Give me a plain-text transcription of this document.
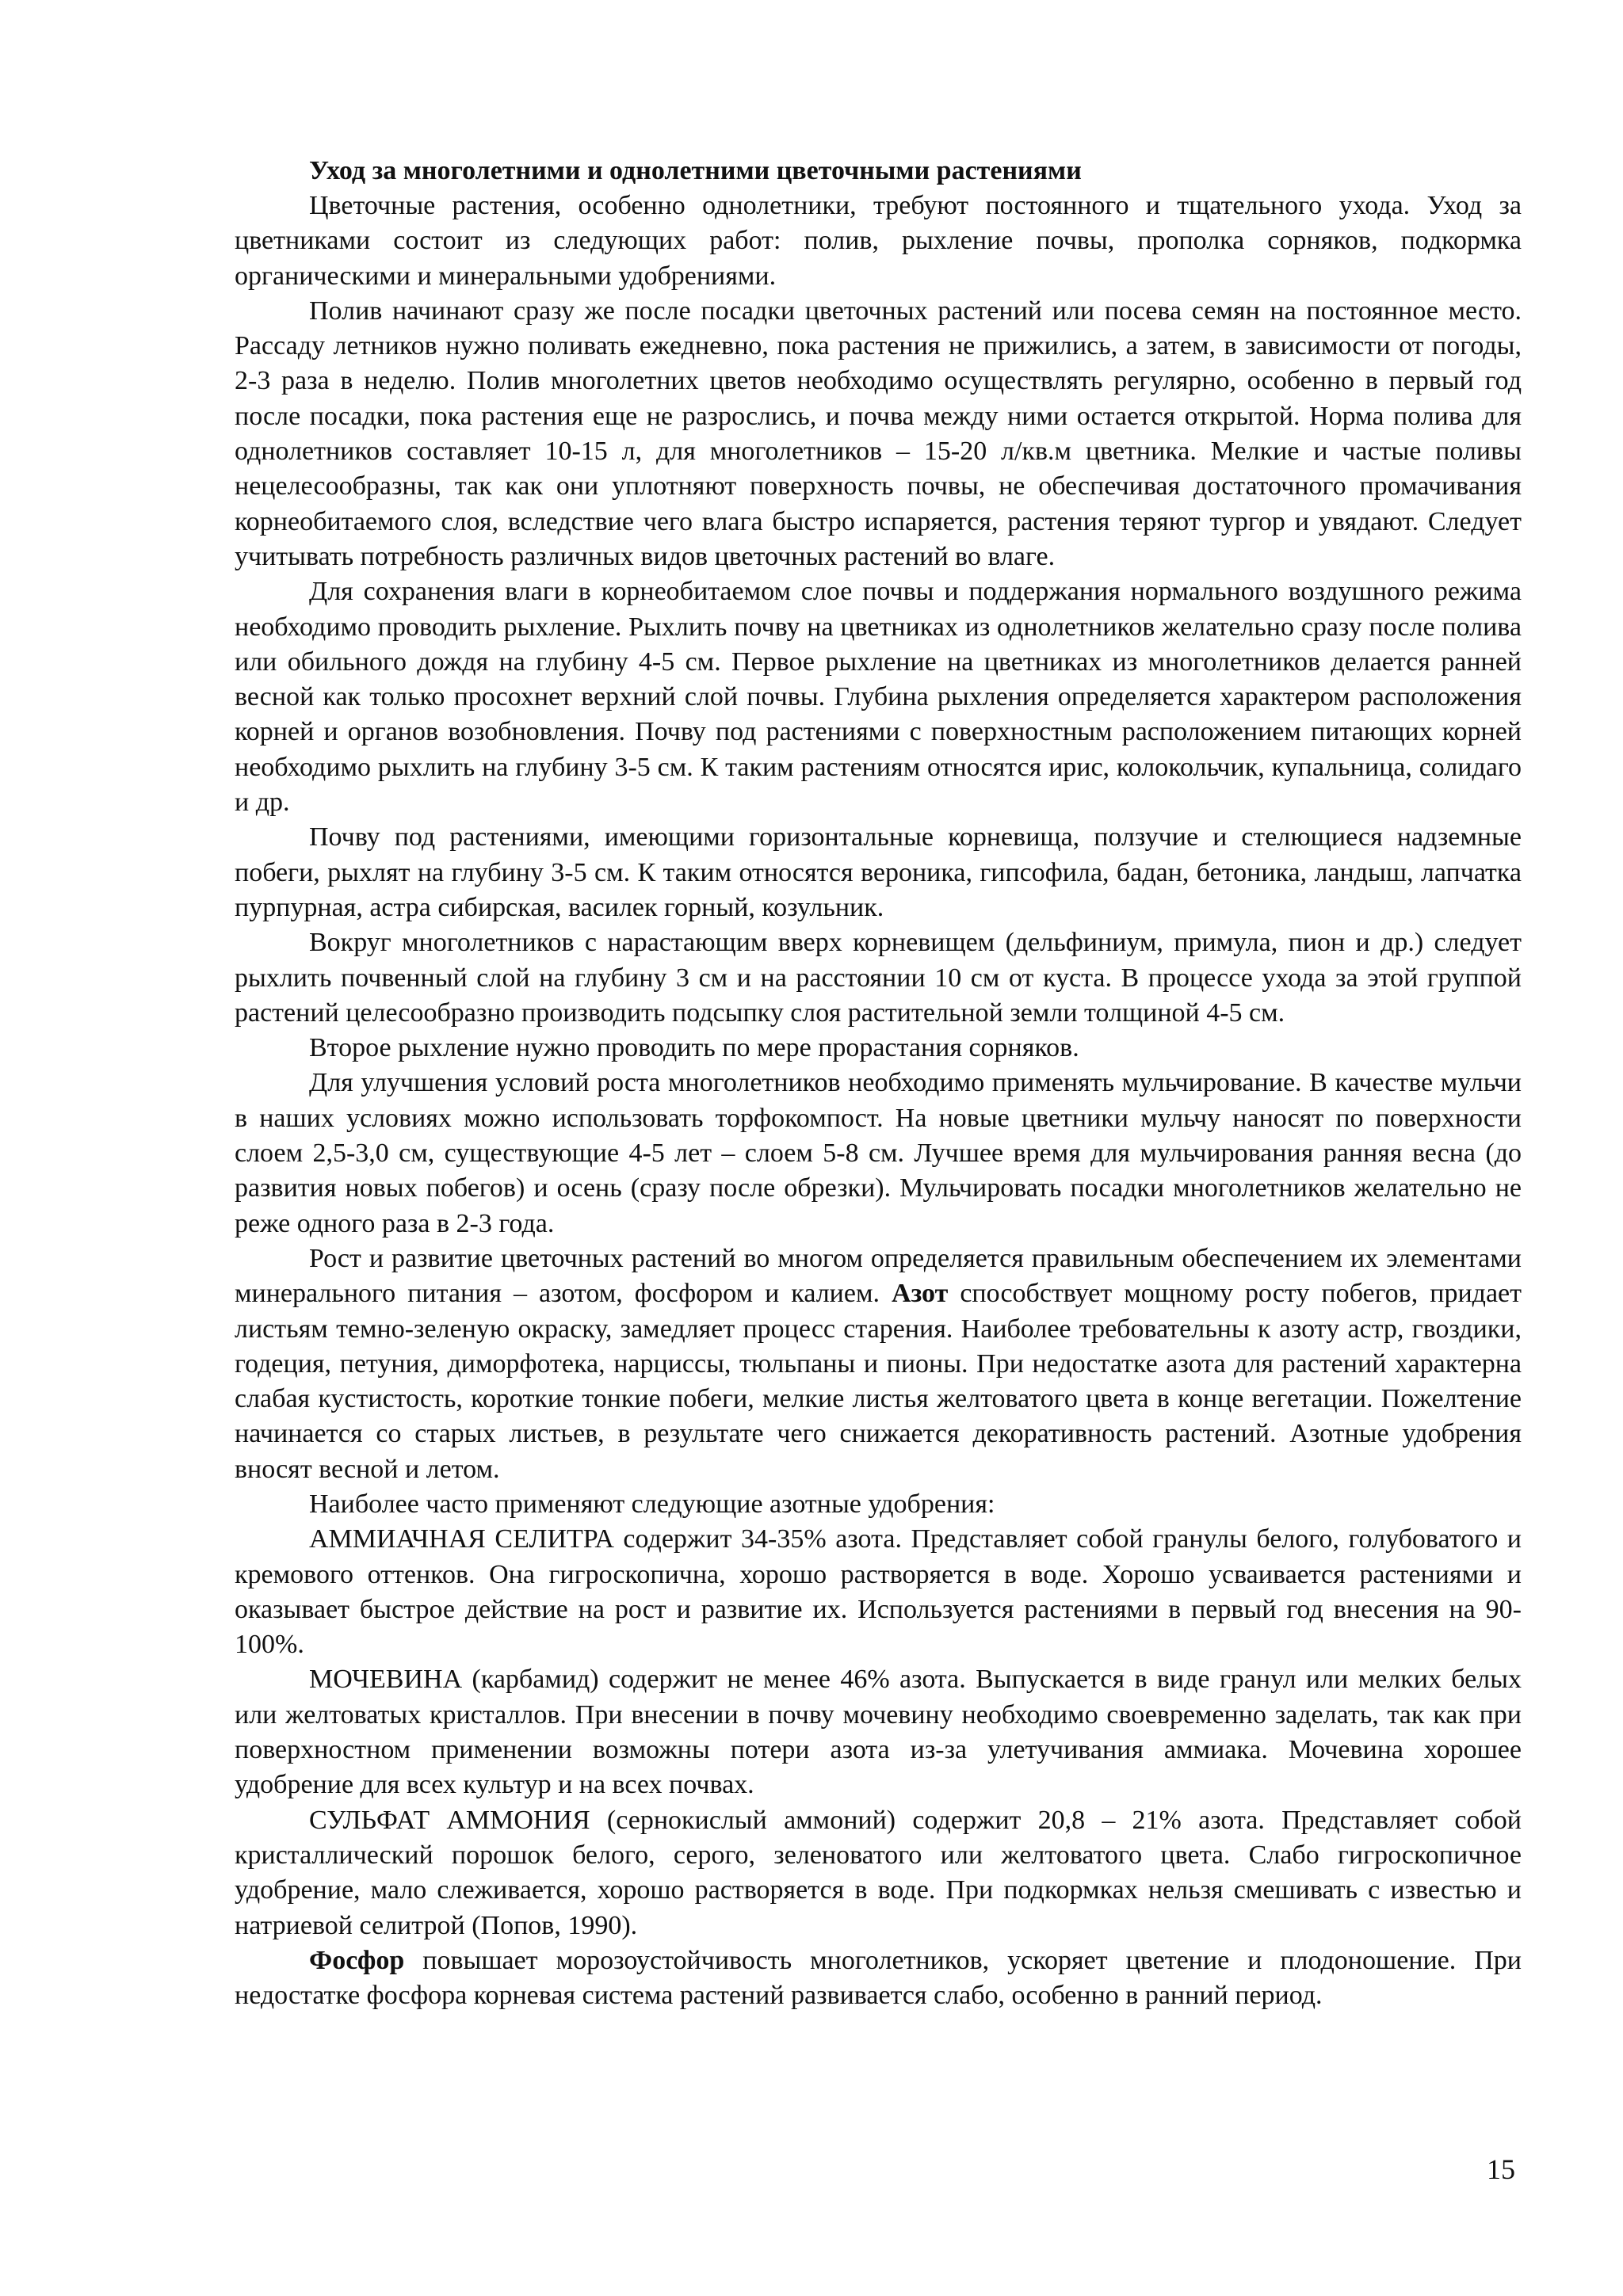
Уход за многолетними и однолетними цветочными растениями

Цветочные растения, особенно однолетники, требуют постоянного и тщательного ухода. Уход за цветниками состоит из следующих работ: полив, рыхление почвы, прополка сорняков, подкормка органическими и минеральными удобрениями.

Полив начинают сразу же после посадки цветочных растений или посева семян на постоянное место. Рассаду летников нужно поливать ежедневно, пока растения не прижились, а затем, в зависимости от погоды, 2-3 раза в неделю. Полив многолетних цветов необходимо осуществлять регулярно, особенно в первый год после посадки, пока растения еще не разрослись, и почва между ними остается открытой. Норма полива для однолетников составляет 10-15 л, для многолетников – 15-20 л/кв.м цветника. Мелкие и частые поливы нецелесообразны, так как они уплотняют поверхность почвы, не обеспечивая достаточного промачивания корнеобитаемого слоя, вследствие чего влага быстро испаряется, растения теряют тургор и увядают. Следует учитывать потребность различных видов цветочных растений во влаге.

Для сохранения влаги в корнеобитаемом слое почвы и поддержания нормального воздушного режима необходимо проводить рыхление. Рыхлить почву на цветниках из однолетников желательно сразу после полива или обильного дождя на глубину 4-5 см. Первое рыхление на цветниках из многолетников делается ранней весной как только просохнет верхний слой почвы. Глубина рыхления определяется характером расположения корней и органов возобновления. Почву под растениями с поверхностным расположением питающих корней необходимо рыхлить на глубину 3-5 см. К таким растениям относятся ирис, колокольчик, купальница, солидаго и др.

Почву под растениями, имеющими горизонтальные корневища, ползучие и стелющиеся надземные побеги, рыхлят на глубину 3-5 см. К таким относятся вероника, гипсофила, бадан, бетоника, ландыш, лапчатка пурпурная, астра сибирская, василек горный, козульник.

Вокруг многолетников с нарастающим вверх корневищем (дельфиниум, примула, пион и др.) следует рыхлить почвенный слой на глубину 3 см и на расстоянии 10 см от куста. В процессе ухода за этой группой растений целесообразно производить подсыпку слоя растительной земли толщиной 4-5 см.

Второе рыхление нужно проводить по мере прорастания сорняков.

Для улучшения условий роста многолетников необходимо применять мульчирование. В качестве мульчи в наших условиях можно использовать торфокомпост. На новые цветники мульчу наносят по поверхности слоем 2,5-3,0 см, существующие 4-5 лет – слоем 5-8 см. Лучшее время для мульчирования ранняя весна (до развития новых побегов) и осень (сразу после обрезки). Мульчировать посадки многолетников желательно не реже одного раза в 2-3 года.

Рост и развитие цветочных растений во многом определяется правильным обеспечением их элементами минерального питания – азотом, фосфором и калием. Азот способствует мощному росту побегов, придает листьям темно-зеленую окраску, замедляет процесс старения. Наиболее требовательны к азоту астр, гвоздики, годеция, петуния, диморфотека, нарциссы, тюльпаны и пионы. При недостатке азота для растений характерна слабая кустистость, короткие тонкие побеги, мелкие листья желтоватого цвета в конце вегетации. Пожелтение начинается со старых листьев, в результате чего снижается декоративность растений. Азотные удобрения вносят весной и летом.

Наиболее часто применяют следующие азотные удобрения:

АММИАЧНАЯ СЕЛИТРА содержит 34-35% азота. Представляет собой гранулы белого, голубоватого и кремового оттенков. Она гигроскопична, хорошо растворяется в воде. Хорошо усваивается растениями и оказывает быстрое действие на рост и развитие их. Используется растениями в первый год внесения на 90-100%.

МОЧЕВИНА (карбамид) содержит не менее 46% азота. Выпускается в виде гранул или мелких белых или желтоватых кристаллов. При внесении в почву мочевину необходимо своевременно заделать, так как при поверхностном применении возможны потери азота из-за улетучивания аммиака. Мочевина хорошее удобрение для всех культур и на всех почвах.

СУЛЬФАТ АММОНИЯ (сернокислый аммоний) содержит 20,8 – 21% азота. Представляет собой кристаллический порошок белого, серого, зеленоватого или желтоватого цвета. Слабо гигроскопичное удобрение, мало слеживается, хорошо растворяется в воде. При подкормках нельзя смешивать с известью и натриевой селитрой (Попов, 1990).

Фосфор повышает морозоустойчивость многолетников, ускоряет цветение и плодоношение. При недостатке фосфора корневая система растений развивается слабо, особенно в ранний период.

15
